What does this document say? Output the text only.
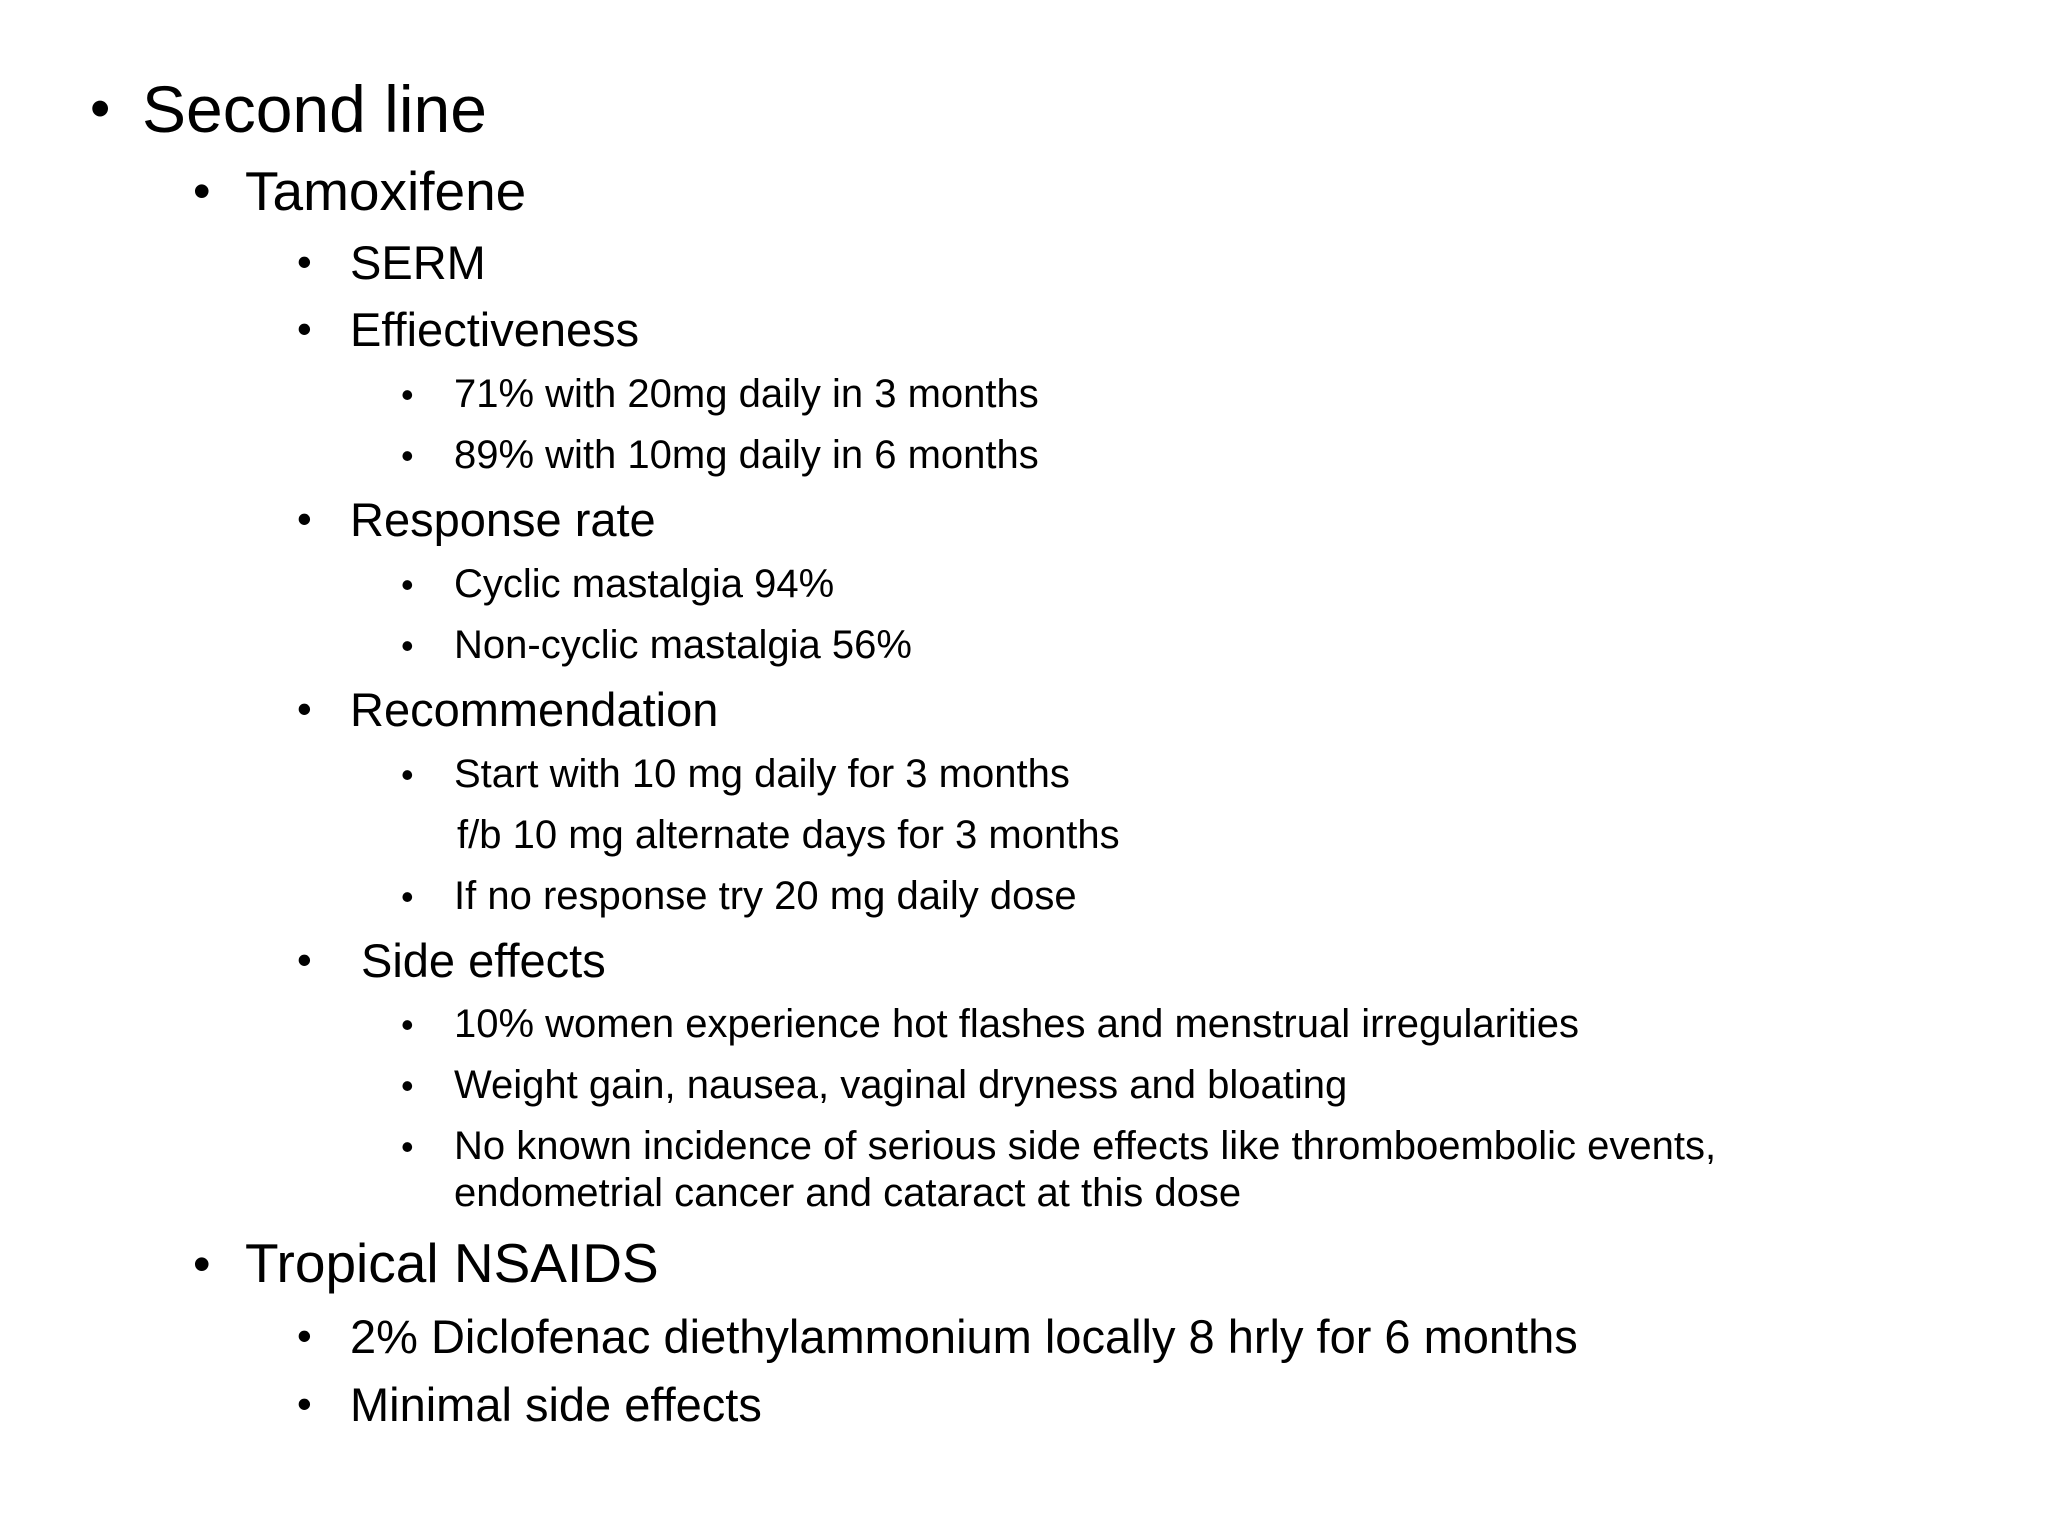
• Second line
• Tamoxifene
• SERM
• Effiectiveness
• 71% with 20mg daily in 3 months
• 89% with 10mg daily in 6 months
• Response rate
• Cyclic mastalgia 94%
• Non-cyclic mastalgia 56%
• Recommendation
• Start with 10 mg daily for 3 months
f/b 10 mg alternate days for 3 months
• If no response try 20 mg daily dose
• Side effects
• 10% women experience hot flashes and menstrual irregularities
• Weight gain, nausea, vaginal dryness and bloating
• No known incidence of serious side effects like thromboembolic events,
endometrial cancer and cataract at this dose
• Tropical NSAIDS
• 2% Diclofenac diethylammonium locally 8 hrly for 6 months
• Minimal side effects
